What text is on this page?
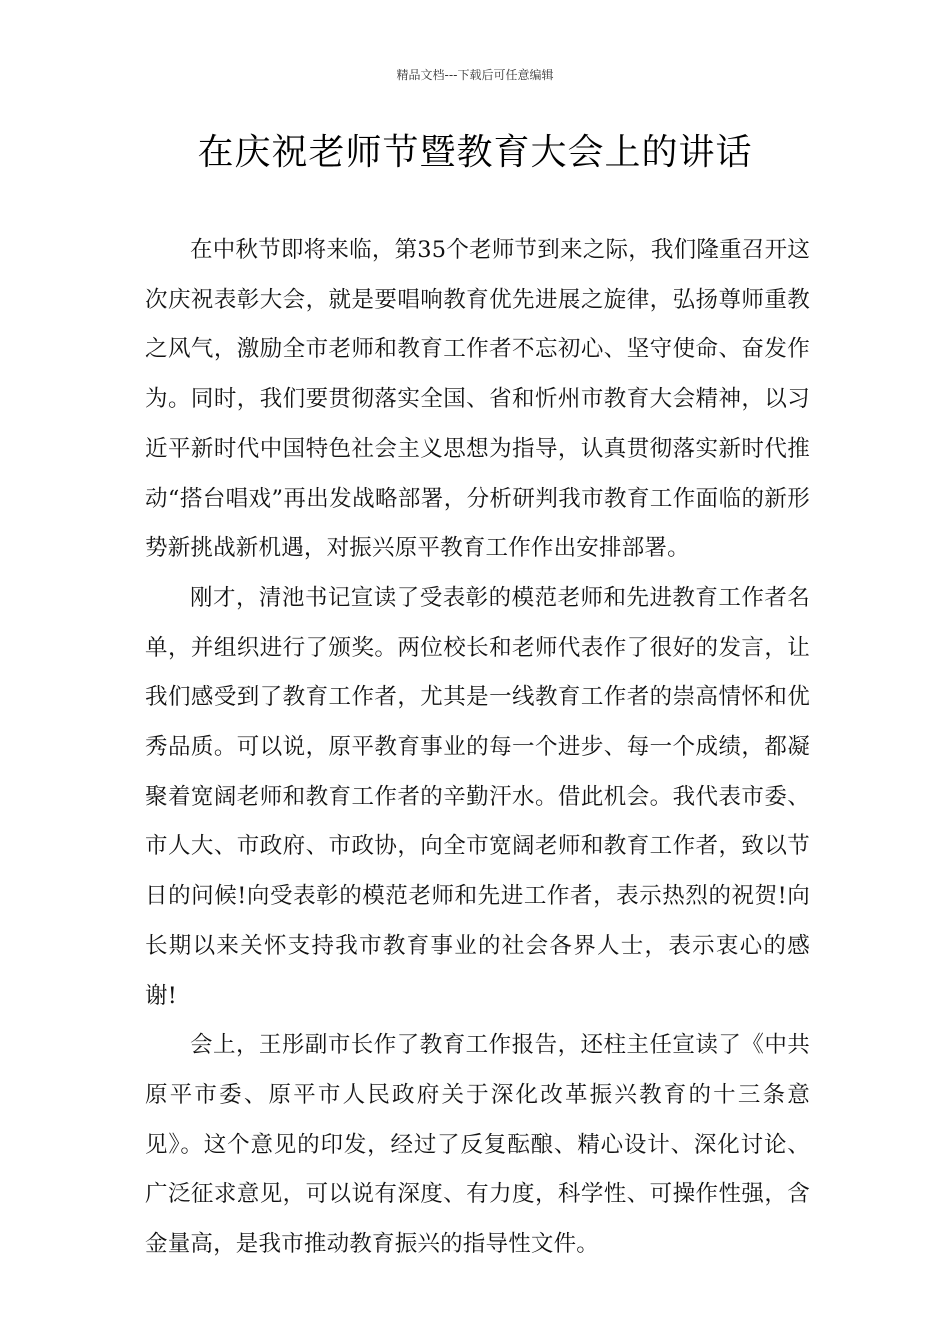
精品文档---下载后可任意编辑
在庆祝老师节暨教育大会上的讲话

在中秋节即将来临，第35个老师节到来之际，我们隆重召开这次庆祝表彰大会，就是要唱响教育优先进展之旋律，弘扬尊师重教之风气，激励全市老师和教育工作者不忘初心、坚守使命、奋发作为。同时，我们要贯彻落实全国、省和忻州市教育大会精神，以习近平新时代中国特色社会主义思想为指导，认真贯彻落实新时代推动“搭台唱戏”再出发战略部署，分析研判我市教育工作面临的新形势新挑战新机遇，对振兴原平教育工作作出安排部署。

刚才，清池书记宣读了受表彰的模范老师和先进教育工作者名单，并组织进行了颁奖。两位校长和老师代表作了很好的发言，让我们感受到了教育工作者，尤其是一线教育工作者的崇高情怀和优秀品质。可以说，原平教育事业的每一个进步、每一个成绩，都凝聚着宽阔老师和教育工作者的辛勤汗水。借此机会。我代表市委、市人大、市政府、市政协，向全市宽阔老师和教育工作者，致以节日的问候!向受表彰的模范老师和先进工作者，表示热烈的祝贺!向长期以来关怀支持我市教育事业的社会各界人士，表示衷心的感谢!

会上，王彤副市长作了教育工作报告，还柱主任宣读了《中共原平市委、原平市人民政府关于深化改革振兴教育的十三条意见》。这个意见的印发，经过了反复酝酿、精心设计、深化讨论、广泛征求意见，可以说有深度、有力度，科学性、可操作性强，含金量高，是我市推动教育振兴的指导性文件。
